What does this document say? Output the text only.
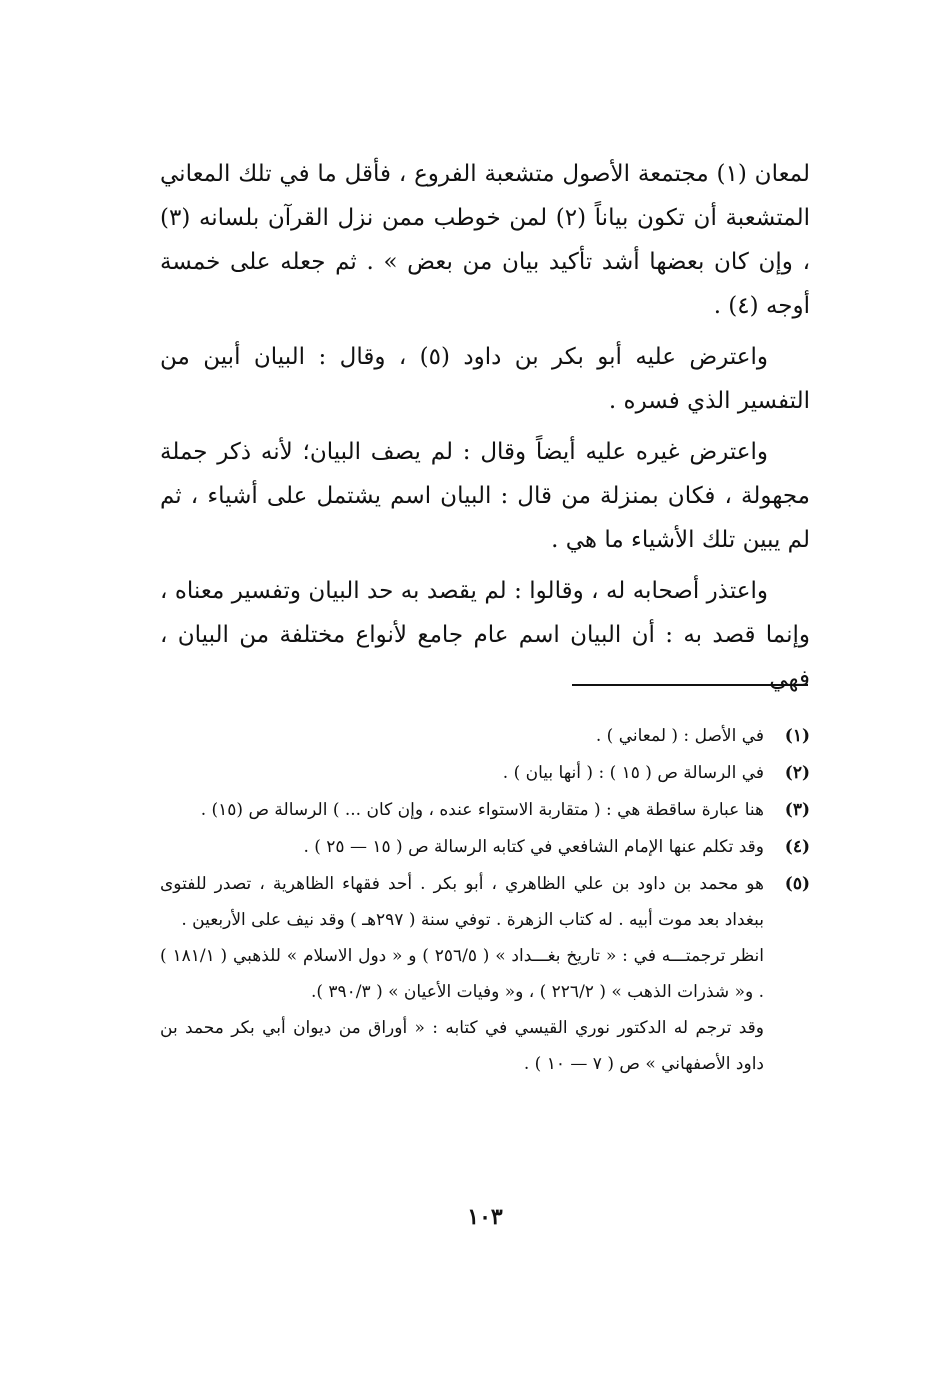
لمعان (١) مجتمعة الأصول متشعبة الفروع ، فأقل ما في تلك المعاني المتشعبة أن تكون بياناً (٢) لمن خوطب ممن نزل القرآن بلسانه (٣) ، وإن كان بعضها أشد تأكيد بيان من بعض » . ثم جعله على خمسة أوجه (٤) .

واعترض عليه أبو بكر بن داود (٥) ، وقال : البيان أبين من التفسير الذي فسره .

واعترض غيره عليه أيضاً وقال : لم يصف البيان؛ لأنه ذكر جملة مجهولة ، فكان بمنزلة من قال : البيان اسم يشتمل على أشياء ، ثم لم يبين تلك الأشياء ما هي .

واعتذر أصحابه له ، وقالوا : لم يقصد به حد البيان وتفسير معناه ، وإنما قصد به : أن البيان اسم عام جامع لأنواع مختلفة من البيان ، فهي

(١)
في الأصل : ( لمعاني ) .
(٢)
في الرسالة ص ( ١٥ ) : ( أنها بيان ) .
(٣)
هنا عبارة ساقطة هي : ( متقاربة الاستواء عنده ، وإن كان ... ) الرسالة ص (١٥) .
(٤)
وقد تكلم عنها الإمام الشافعي في كتابه الرسالة ص ( ١٥ — ٢٥ ) .
(٥)
هو محمد بن داود بن علي الظاهري ، أبو بكر . أحد فقهاء الظاهرية ، تصدر للفتوى ببغداد بعد موت أبيه . له كتاب الزهرة . توفي سنة ( ٢٩٧هـ ) وقد نيف على الأربعين .
انظر ترجمتـــه في : « تاريخ بغـــداد » ( ٢٥٦/٥ ) و « دول الاسلام » للذهبي ( ١٨١/١ ) . و« شذرات الذهب » ( ٢٢٦/٢ ) ، و« وفيات الأعيان » ( ٣٩٠/٣ ).
وقد ترجم له الدكتور نوري القيسي في كتابه : « أوراق من ديوان أبي بكر محمد بن داود الأصفهاني » ص ( ٧ — ١٠ ) .
١٠٣
